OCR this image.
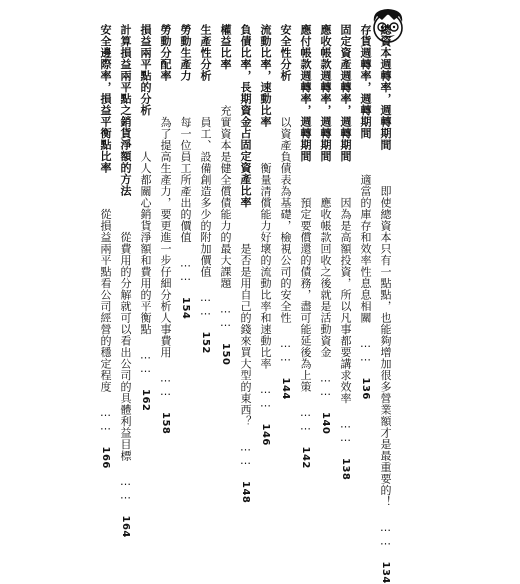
總資本週轉率，週轉期間  即使總資本只有一點點，也能夠增加很多營業額才是最重要的！ …… 134
存貨週轉率，週轉期間  適當的庫存和效率性息息相關 …… 136
固定資產週轉率，週轉期間  因為是高額投資，所以凡事都要講求效率 …… 138
應收帳款週轉率，週轉期間  應收帳款回收之後就是活動資金 …… 140
應付帳款週轉率，週轉期間  預定要償還的債務，盡可能延後為上策 …… 142
安全性分析  以資產負債表為基礎，檢視公司的安全性 …… 144
流動比率，速動比率  衡量清償能力好壞的流動比率和速動比率 …… 146
負債比率，長期資金占固定資產比率  是否是用自己的錢來買大型的東西？ …… 148
權益比率  充實資本是健全償債能力的最大課題 …… 150
生產性分析  員工、設備創造多少的附加價值 …… 152
勞動生產力  每一位員工所產出的價值 …… 154
勞動分配率  為了提高生產力，要更進一步仔細分析人事費用 …… 158
損益兩平點的分析  人人都關心銷貨淨額和費用的平衡點 …… 162
計算損益兩平點之銷貨淨額的方法  從費用的分解就可以看出公司的具體利益目標 …… 164
安全邊際率，損益平衡點比率  從損益兩平點看公司經營的穩定程度 …… 166
